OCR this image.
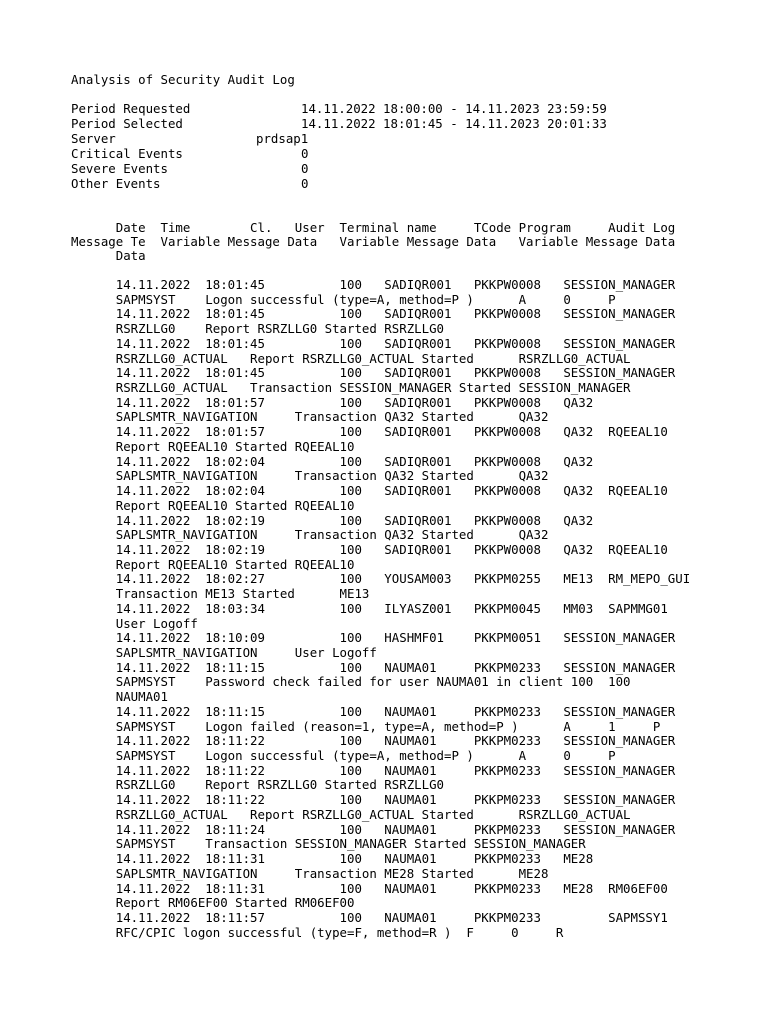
Analysis of Security Audit Log
Period Requested	14.11.2022 18:00:00 - 14.11.2023 23:59:59
Period Selected	14.11.2022 18:01:45 - 14.11.2023 20:01:33
Server	prdsap1
Critical Events	0
Severe Events	0
Other Events	0
Date  Time        Cl.   User  Terminal name     TCode Program     Audit Log
Message Te  Variable Message Data   Variable Message Data   Variable Message Data
Data
14.11.2022  18:01:45          100   SADIQR001   PKKPW0008   SESSION_MANAGER
SAPMSYST    Logon successful (type=A, method=P )      A     0     P
14.11.2022  18:01:45          100   SADIQR001   PKKPW0008   SESSION_MANAGER
RSRZLLG0    Report RSRZLLG0 Started RSRZLLG0
14.11.2022  18:01:45          100   SADIQR001   PKKPW0008   SESSION_MANAGER
RSRZLLG0_ACTUAL   Report RSRZLLG0_ACTUAL Started      RSRZLLG0_ACTUAL
14.11.2022  18:01:45          100   SADIQR001   PKKPW0008   SESSION_MANAGER
RSRZLLG0_ACTUAL   Transaction SESSION_MANAGER Started SESSION_MANAGER
14.11.2022  18:01:57          100   SADIQR001   PKKPW0008   QA32
SAPLSMTR_NAVIGATION     Transaction QA32 Started      QA32
14.11.2022  18:01:57          100   SADIQR001   PKKPW0008   QA32  RQEEAL10
Report RQEEAL10 Started RQEEAL10
14.11.2022  18:02:04          100   SADIQR001   PKKPW0008   QA32
SAPLSMTR_NAVIGATION     Transaction QA32 Started      QA32
14.11.2022  18:02:04          100   SADIQR001   PKKPW0008   QA32  RQEEAL10
Report RQEEAL10 Started RQEEAL10
14.11.2022  18:02:19          100   SADIQR001   PKKPW0008   QA32
SAPLSMTR_NAVIGATION     Transaction QA32 Started      QA32
14.11.2022  18:02:19          100   SADIQR001   PKKPW0008   QA32  RQEEAL10
Report RQEEAL10 Started RQEEAL10
14.11.2022  18:02:27          100   YOUSAM003   PKKPM0255   ME13  RM_MEPO_GUI
Transaction ME13 Started      ME13
14.11.2022  18:03:34          100   ILYASZ001   PKKPM0045   MM03  SAPMMG01
User Logoff
14.11.2022  18:10:09          100   HASHMF01    PKKPM0051   SESSION_MANAGER
SAPLSMTR_NAVIGATION     User Logoff
14.11.2022  18:11:15          100   NAUMA01     PKKPM0233   SESSION_MANAGER
SAPMSYST    Password check failed for user NAUMA01 in client 100  100
NAUMA01
14.11.2022  18:11:15          100   NAUMA01     PKKPM0233   SESSION_MANAGER
SAPMSYST    Logon failed (reason=1, type=A, method=P )      A     1     P
14.11.2022  18:11:22          100   NAUMA01     PKKPM0233   SESSION_MANAGER
SAPMSYST    Logon successful (type=A, method=P )      A     0     P
14.11.2022  18:11:22          100   NAUMA01     PKKPM0233   SESSION_MANAGER
RSRZLLG0    Report RSRZLLG0 Started RSRZLLG0
14.11.2022  18:11:22          100   NAUMA01     PKKPM0233   SESSION_MANAGER
RSRZLLG0_ACTUAL   Report RSRZLLG0_ACTUAL Started      RSRZLLG0_ACTUAL
14.11.2022  18:11:24          100   NAUMA01     PKKPM0233   SESSION_MANAGER
SAPMSYST    Transaction SESSION_MANAGER Started SESSION_MANAGER
14.11.2022  18:11:31          100   NAUMA01     PKKPM0233   ME28
SAPLSMTR_NAVIGATION     Transaction ME28 Started      ME28
14.11.2022  18:11:31          100   NAUMA01     PKKPM0233   ME28  RM06EF00
Report RM06EF00 Started RM06EF00
14.11.2022  18:11:57          100   NAUMA01     PKKPM0233         SAPMSSY1
RFC/CPIC logon successful (type=F, method=R )  F     0     R
